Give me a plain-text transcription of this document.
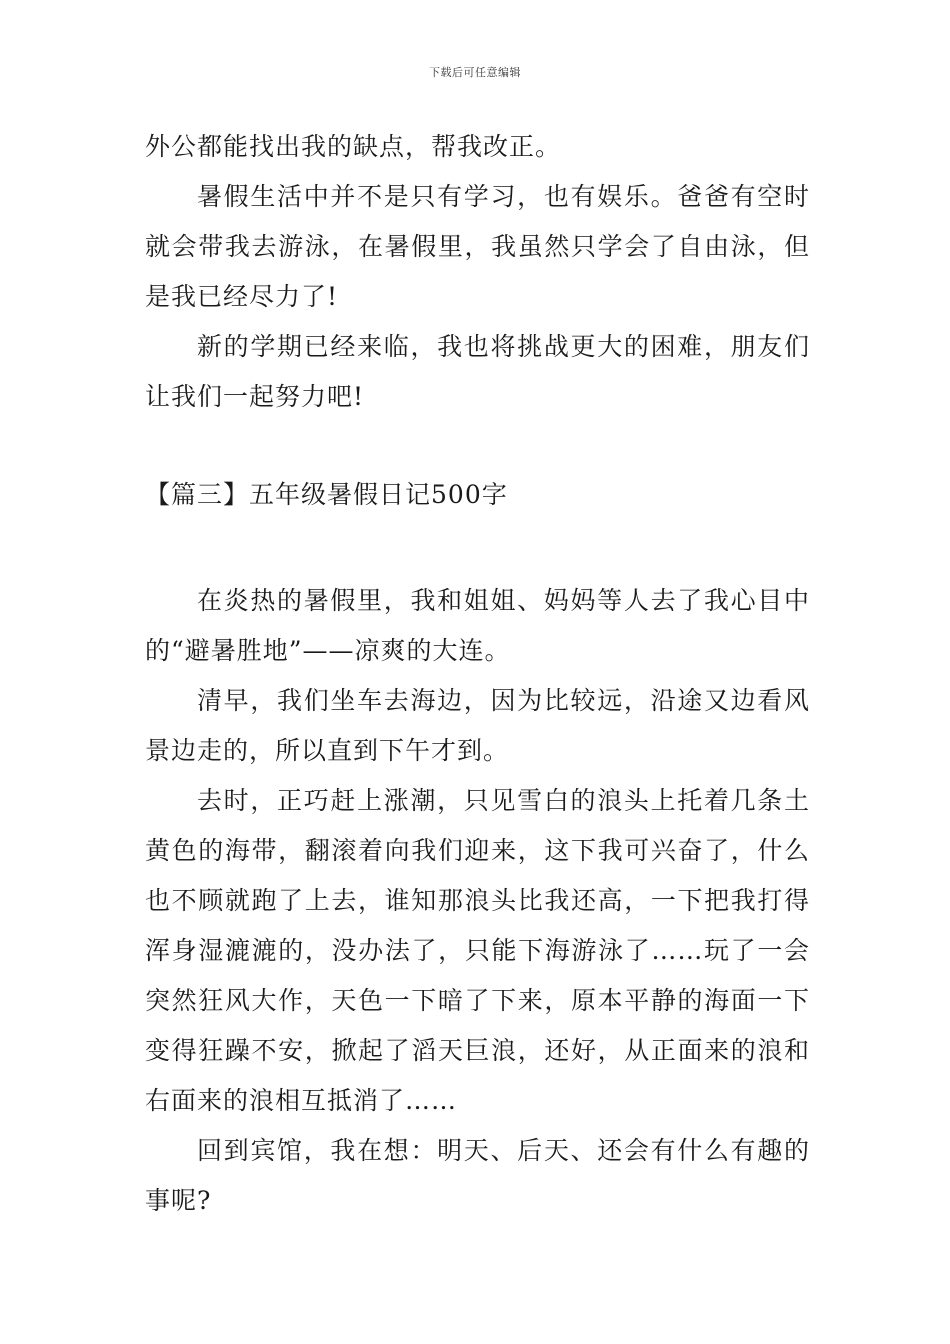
下载后可任意编辑

外公都能找出我的缺点，帮我改正。

暑假生活中并不是只有学习，也有娱乐。爸爸有空时就会带我去游泳，在暑假里，我虽然只学会了自由泳，但是我已经尽力了!

新的学期已经来临，我也将挑战更大的困难，朋友们让我们一起努力吧!

【篇三】五年级暑假日记500字

在炎热的暑假里，我和姐姐、妈妈等人去了我心目中的“避暑胜地”——凉爽的大连。

清早，我们坐车去海边，因为比较远，沿途又边看风景边走的，所以直到下午才到。

去时，正巧赶上涨潮，只见雪白的浪头上托着几条土黄色的海带，翻滚着向我们迎来，这下我可兴奋了，什么也不顾就跑了上去，谁知那浪头比我还高，一下把我打得浑身湿漉漉的，没办法了，只能下海游泳了……玩了一会突然狂风大作，天色一下暗了下来，原本平静的海面一下变得狂躁不安，掀起了滔天巨浪，还好，从正面来的浪和右面来的浪相互抵消了……

回到宾馆，我在想：明天、后天、还会有什么有趣的事呢?
